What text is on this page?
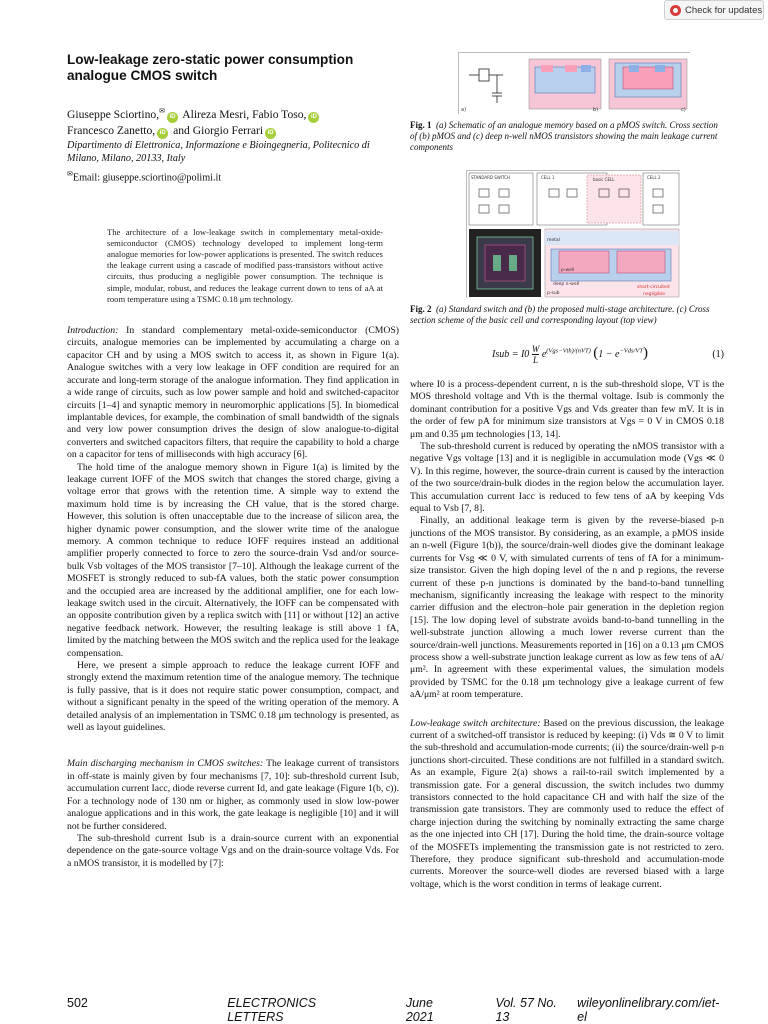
Check for updates
Low-leakage zero-static power consumption analogue CMOS switch
Giuseppe Sciortino,✉iD Alireza Mesri, Fabio Toso, iD
Francesco Zanetto, iD and Giorgio Ferrari iD
Dipartimento di Elettronica, Informazione e Bioingegneria, Politecnico di Milano, Milano, 20133, Italy
✉Email: giuseppe.sciortino@polimi.it
The architecture of a low-leakage switch in complementary metal-oxide-semiconductor (CMOS) technology developed to implement long-term analogue memories for low-power applications is presented. The switch reduces the leakage current using a cascade of modified pass-transistors without active circuits, thus producing a negligible power consumption. The technique is simple, modular, robust, and reduces the leakage current down to tens of aA at room temperature using a TSMC 0.18 μm technology.

Introduction: In standard complementary metal-oxide-semiconductor (CMOS) circuits, analogue memories can be implemented by accumulating a charge on a capacitor CH and by using a MOS switch to access it, as shown in Figure 1(a). Analogue switches with a very low leakage in OFF condition are required for an accurate and long-term storage of the analogue information. They find application in a wide range of circuits, such as low power sample and hold and switched-capacitor circuits [1–4] and synaptic memory in neuromorphic applications [5]. In biomedical implantable devices, for example, the combination of small bandwidth of the signals and very low power consumption drives the design of slow analogue-to-digital converters and switched capacitors filters, that require the capability to hold a charge on a capacitor for tens of milliseconds with high accuracy [6].

The hold time of the analogue memory shown in Figure 1(a) is limited by the leakage current IOFF of the MOS switch that changes the stored charge, giving a voltage error that grows with the retention time. A simple way to extend the maximum hold time is by increasing the CH value, that is the stored charge. However, this solution is often unacceptable due to the increase of silicon area, the higher dynamic power consumption, and the slower write time of the analogue memory. A common technique to reduce IOFF requires instead an additional amplifier properly connected to force to zero the source-drain Vsd and/or source-bulk Vsb voltages of the MOS transistor [7–10]. Although the leakage current of the MOSFET is strongly reduced to sub-fA values, both the static power consumption and the occupied area are increased by the additional amplifier, one for each low-leakage switch used in the circuit. Alternatively, the IOFF can be compensated with an opposite contribution given by a replica switch with [11] or without [12] an active negative feedback network. However, the resulting leakage is still above 1 fA, limited by the matching between the MOS switch and the replica used for the leakage compensation.

Here, we present a simple approach to reduce the leakage current IOFF and strongly extend the maximum retention time of the analogue memory. The technique is fully passive, that is it does not require static power consumption, compact, and without a significant penalty in the speed of the writing operation of the memory. A detailed analysis of an implementation in TSMC 0.18 μm technology is presented, as well as layout guidelines.

Main discharging mechanism in CMOS switches: The leakage current of transistors in off-state is mainly given by four mechanisms [7, 10]: sub-threshold current Isub, accumulation current Iacc, diode reverse current Id, and gate leakage (Figure 1(b, c)). For a technology node of 130 nm or higher, as commonly used in slow low-power analogue applications and in this work, the gate leakage is negligible [10] and it will not be further considered.

The sub-threshold current Isub is a drain-source current with an exponential dependence on the gate-source voltage Vgs and on the drain-source voltage Vds. For a nMOS transistor, it is modelled by [7]:

a)	b)	c)
Fig. 1 (a) Schematic of an analogue memory based on a pMOS switch. Cross section of (b) pMOS and (c) deep n-well nMOS transistors showing the main leakage current components
STANDARD SWITCH	CELL 1	basic CELL	CELL 2
metal
p-well
deep n-well
p-sub
short-circuited
negligible
Fig. 2 (a) Standard switch and (b) the proposed multi-stage architecture. (c) Cross section scheme of the basic cell and corresponding layout (top view)
Isub = $I0 \frac{W}{L} e^{(Vgs-Vth)/(nVT)}$ $(1 - e^{-Vds/VT})$	(1)

where I0 is a process-dependent current, n is the sub-threshold slope, VT is the MOS threshold voltage and Vth is the thermal voltage. Isub is commonly the dominant contribution for a positive Vgs and Vds greater than few mV. It is in the order of few pA for minimum size transistors at Vgs = 0 V in CMOS 0.18 μm and 0.35 μm technologies [13, 14].

The sub-threshold current is reduced by operating the nMOS transistor with a negative Vgs voltage [13] and it is negligible in accumulation mode (Vgs ≪ 0 V). In this regime, however, the source-drain current is caused by the interaction of the two source/drain-bulk diodes in the region below the accumulation layer. This accumulation current Iacc is reduced to few tens of aA by keeping Vds equal to Vsb [7, 8].

Finally, an additional leakage term is given by the reverse-biased p-n junctions of the MOS transistor. By considering, as an example, a pMOS inside an n-well (Figure 1(b)), the source/drain-well diodes give the dominant leakage currents for Vsg ≪ 0 V, with simulated currents of tens of fA for a minimum-size transistor. Given the high doping level of the n and p regions, the reverse current of these p-n junctions is dominated by the band-to-band tunnelling mechanism, significantly increasing the leakage with respect to the minority carrier diffusion and the electron–hole pair generation in the depletion region [15]. The low doping level of substrate avoids band-to-band tunnelling in the well-substrate junction allowing a much lower reverse current than the source/drain-well junctions. Measurements reported in [16] on a 0.13 μm CMOS process show a well-substrate junction leakage current as low as few tens of aA/μm². In agreement with these experimental values, the simulation models provided by TSMC for the 0.18 μm technology give a leakage current of few aA/μm² at room temperature.

Low-leakage switch architecture: Based on the previous discussion, the leakage current of a switched-off transistor is reduced by keeping: (i) Vds ≅ 0 V to limit the sub-threshold and accumulation-mode currents; (ii) the source/drain-well p-n junctions short-circuited. These conditions are not fulfilled in a standard switch. As an example, Figure 2(a) shows a rail-to-rail switch implemented by a transmission gate. For a general discussion, the switch includes two dummy transistors connected to the hold capacitance CH and with half the size of the transmission gate transistors. They are commonly used to reduce the effect of charge injection during the switching by nominally extracting the same charge as the one injected into CH [17]. During the hold time, the drain-source voltage of the MOSFETs implementing the transmission gate is not restricted to zero. Therefore, they produce significant sub-threshold and accumulation-mode currents. Moreover the source-well diodes are reversed biased with a large voltage, which is the worst condition in terms of leakage current.

502	ELECTRONICS LETTERS
June 2021
Vol. 57 No. 13
wileyonlinelibrary.com/iet-el
